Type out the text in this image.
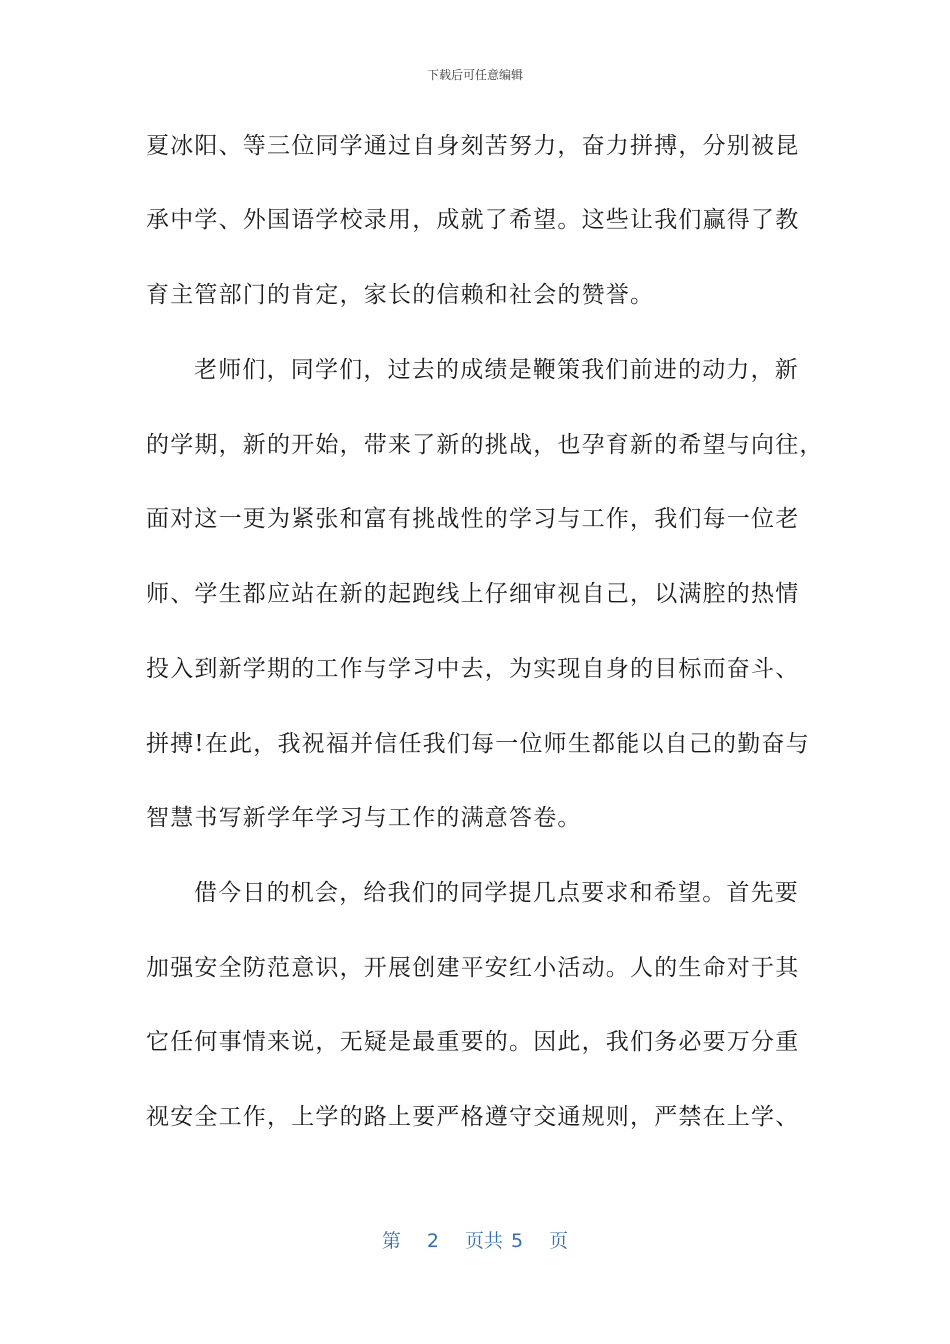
下载后可任意编辑
夏冰阳、等三位同学通过自身刻苦努力，奋力拼搏，分别被昆
承中学、外国语学校录用，成就了希望。这些让我们赢得了教
育主管部门的肯定，家长的信赖和社会的赞誉。
老师们，同学们，过去的成绩是鞭策我们前进的动力，新
的学期，新的开始，带来了新的挑战，也孕育新的希望与向往，
面对这一更为紧张和富有挑战性的学习与工作，我们每一位老
师、学生都应站在新的起跑线上仔细审视自己，以满腔的热情
投入到新学期的工作与学习中去，为实现自身的目标而奋斗、
拼搏!在此，我祝福并信任我们每一位师生都能以自己的勤奋与
智慧书写新学年学习与工作的满意答卷。
借今日的机会，给我们的同学提几点要求和希望。首先要
加强安全防范意识，开展创建平安红小活动。人的生命对于其
它任何事情来说，无疑是最重要的。因此，我们务必要万分重
视安全工作，上学的路上要严格遵守交通规则，严禁在上学、
第 2 页共 5 页
